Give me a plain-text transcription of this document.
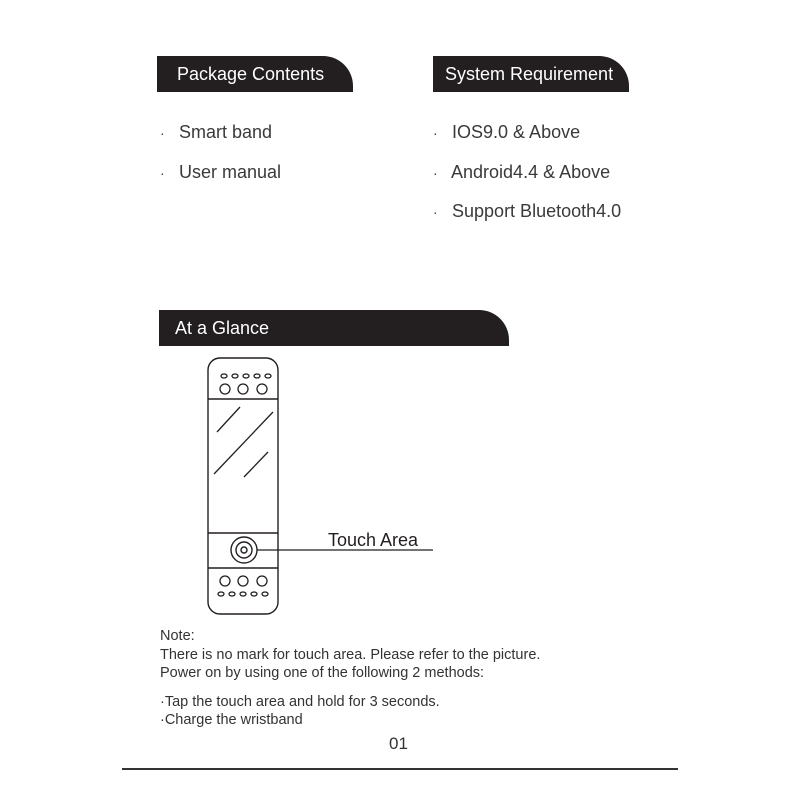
Package Contents	System Requirement
· Smart band
· User manual
· IOS9.0 & Above
· Android4.4 & Above
· Support Bluetooth4.0
At a Glance
Touch Area
Note:
There is no mark for touch area. Please refer to the picture.
Power on by using one of the following 2 methods:
·Tap the touch area and hold for 3 seconds.
·Charge the wristband
01
